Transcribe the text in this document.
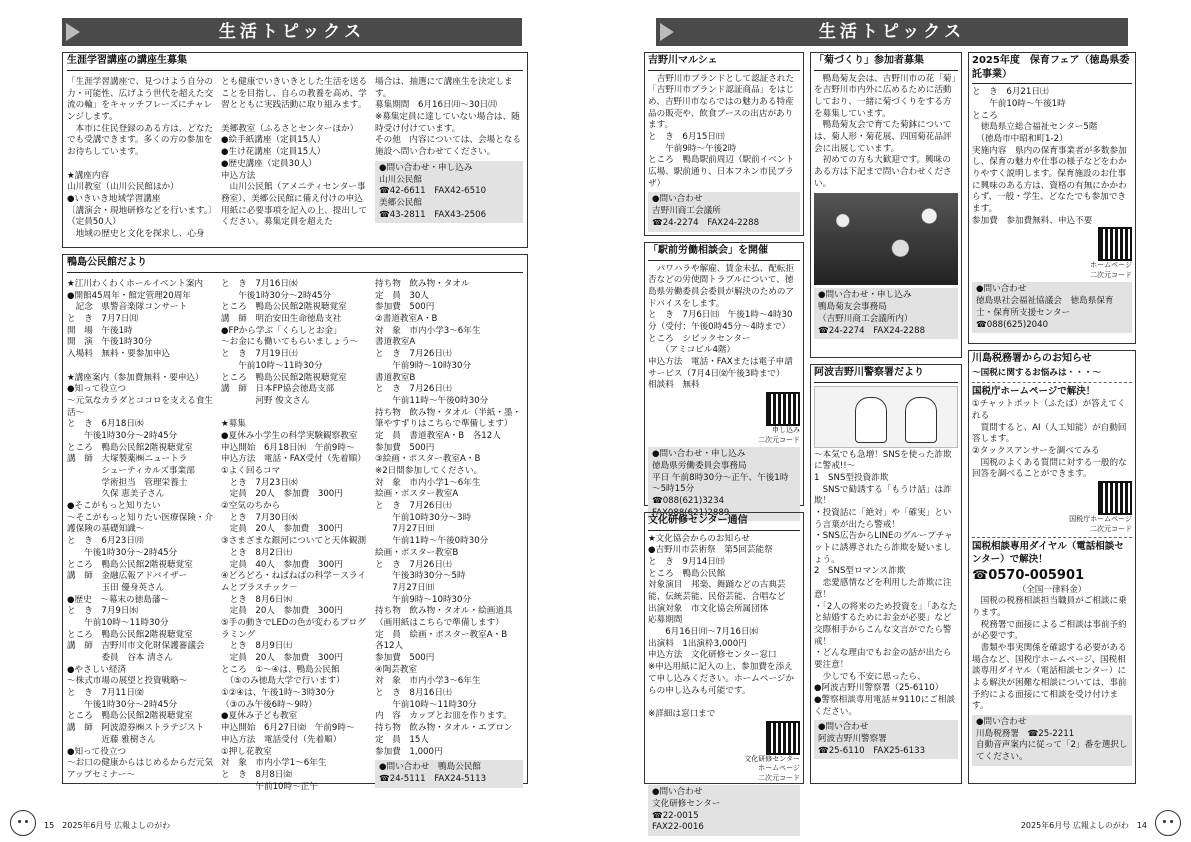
生活トピックス
生涯学習講座の講座生募集
「生涯学習講座で、見つけよう自分の力・可能性、広げよう世代を超えた交流の輪」をキャッチフレーズにチャレンジします。
　本市に住民登録のある方は、どなたでも受講できます。多くの方の参加をお待ちしています。

★講座内容
山川教室（山川公民館ほか）
●いきいき地域学習講座
〔講演会・現地研修などを行います。〕（定員50人）
　地域の歴史と文化を探求し、心身
とも健康でいきいきとした生活を送ることを目指し、自らの教養を高め、学習とともに実践活動に取り組みます。

美郷教室（ふるさとセンターほか）
●絵手紙講座（定員15人）
●生け花講座（定員15人）
●歴史講座（定員30人）
申込方法
　山川公民館（アメニティセンター事務室）、美郷公民館に備え付けの申込用紙に必要事項を記入の上、提出してください。募集定員を超えた
場合は、抽選にて講座生を決定します。
募集期間　6月16日㈪～30日㈪
※募集定員に達していない場合は、随時受け付けています。
その他　内容については、会場となる施設へ問い合わせてください。
●問い合わせ・申し込み
山川公民館
☎42-6611　FAX42-6510
美郷公民館
☎43-2811　FAX43-2506
鴨島公民館だより
★江川わくわくホールイベント案内
●開館45周年・館定管理20周年
　記念　県警音楽隊コンサート
と　き　7月7日㈪
開　場　午後1時
開　演　午後1時30分
入場料　無料・要参加申込

★講座案内（参加費無料・要申込）
●知って役立つ
～元気なカラダとココロを支える食生活～
と　き　6月18日㈬
　　午後1時30分～2時45分
ところ　鴨島公民館2階視聴覚室
講　師　大塚製薬㈱ニュートラ
　　　　シューティカルズ事業部
　　　　学術担当　管理栄養士
　　　　久保 恵美子さん
●そこがもっと知りたい
～そこがもっと知りたい医療保険・介護保険の基礎知識～
と　き　6月23日㈪
　　午後1時30分～2時45分
ところ　鴨島公民館2階視聴覚室
講　師　金融広報アドバイザー
　　　　玉田 優身英さん
●歴史　～幕末の徳島藩～
と　き　7月9日㈬
　　午前10時～11時30分
ところ　鴨島公民館2階視聴覚室
講　師　吉野川市文化財保護審議会
　　　　委員　谷本 清さん
●やさしい経済
～株式市場の展望と投資戦略～
と　き　7月11日㈮
　　午後1時30分～2時45分
ところ　鴨島公民館2階視聴覚室
講　師　阿波證券㈱ストラテジスト
　　　　近藤 雅樹さん
●知って役立つ
～お口の健康からはじめるからだ元気アップセミナー～
と　き　7月16日㈬
　　午後1時30分～2時45分
ところ　鴨島公民館2階視聴覚室
講　師　明治安田生命徳島支社
●FPから学ぶ「くらしとお金」
～お金にも働いてもらいましょう～
と　き　7月19日㈯
　　午前10時～11時30分
ところ　鴨島公民館2階視聴覚室
講　師　日本FP協会徳島支部
　　　　河野 俊文さん

★募集
●夏休み小学生の科学実験観察教室
申込開始　6月18日㈬　午前9時～
申込方法　電話・FAX受付（先着順）
①よく回るコマ
　とき　7月23日㈬
　定員　20人　参加費　300円
②空気のちから
　とき　7月30日㈬
　定員　20人　参加費　300円
③さまざまな銀河についてと天体観測
　とき　8月2日㈯
　定員　40人　参加費　300円
④どろどろ・ねばねばの科学－スライムとプラスチック－
　とき　8月6日㈬
　定員　20人　参加費　300円
⑤手の動きでLEDの色が変わるプログラミング
　とき　8月9日㈯
　定員　20人　参加費　300円
ところ　①～④は、鴨島公民館
　（⑤のみ徳島大学で行います）
①②④は、午後1時～3時30分
（③のみ午後6時～9時）
●夏休み子ども教室
申込開始　6月27日㈮　午前9時～
申込方法　電話受付（先着順）
①押し花教室
対　象　市内小学1～6年生
と　き　8月8日㈮
　　　　午前10時～正午
持ち物　飲み物・タオル
定　員　30人
参加費　500円
②書道教室A・B
対　象　市内小学3～6年生
書道教室A
と　き　7月26日㈯
　　午前9時～10時30分
書道教室B
と　き　7月26日㈯
　　午前11時～午後0時30分
持ち物　飲み物・タオル（半紙・墨・筆やすずりはこちらで準備します）
定　員　書道教室A・B　各12人
参加費　500円
③絵画・ポスター教室A・B
※2日間参加してください。
対　象　市内小学1～6年生
絵画・ポスター教室A
と　き　7月26日㈯
　　午前10時30分～3時
　　7月27日㈰
　　午前11時～午後0時30分
絵画・ポスター教室B
と　き　7月26日㈯
　　午後3時30分～5時
　　7月27日㈰
　　午前9時～10時30分
持ち物　飲み物・タオル・絵画道具（画用紙はこちらで準備します）
定　員　絵画・ポスター教室A・B　各12人
参加費　500円
④陶芸教室
対　象　市内小学3～6年生
と　き　8月16日㈯
　　午前10時～11時30分
内　容　カップとお皿を作ります。
持ち物　飲み物・タオル・エプロン
定　員　15人
参加費　1,000円
●問い合わせ　鴨島公民館
☎24-5111　FAX24-5113
15　2025年6月号 広報よしのがわ
生活トピックス
吉野川マルシェ
　吉野川市ブランドとして認証された「吉野川市ブランド認証商品」をはじめ、吉野川市ならではの魅力ある特産品の販売や、飲食ブースの出店があります。
と　き　6月15日㈰
　　午前9時～午後2時
ところ　鴨島駅前周辺（駅前イベント広場、駅前通り、日本フネン市民プラザ）
●問い合わせ
吉野川商工会議所
☎24-2274　FAX24-2288
「駅前労働相談会」を開催
　パワハラや解雇、賃金未払、配転拒否などの労使間トラブルについて、徳島県労働委員会委員が解決のためのアドバイスをします。
と　き　7月6日㈰　午後1時～4時30分（受付：午後0時45分～4時まで）
ところ　シビックセンター
　　（アミコビル4階）
申込方法　電話・FAXまたは電子申請サービス（7月4日㈮午後3時まで）
相談料　無料
申し込み
二次元コード
●問い合わせ・申し込み
徳島県労働委員会事務局
平日 午前8時30分～正午、午後1時～5時15分
☎088(621)3234
FAX088(621)2889
文化研修センター通信
★文化協会からのお知らせ
●吉野川市芸術祭　第5回芸能祭
と　き　9月14日㈰
ところ　鴨島公民館
対象演目　邦楽、舞踊などの古典芸能、伝統芸能、民俗芸能、合唱など
出演対象　市文化協会所属団体
応募期間
　　6月16日㈪～7月16日㈬
出演料　1出演枠3,000円
申込方法　文化研修センター窓口
※申込用紙に記入の上、参加費を添えて申し込みください。ホームページからの申し込みも可能です。

※詳細は窓口まで
文化研修センター
ホームページ
二次元コード
●問い合わせ
文化研修センター
☎22-0015
FAX22-0016
「菊づくり」参加者募集
　鴨島菊友会は、吉野川市の花「菊」を吉野川市内外に広めるために活動しており、一緒に菊づくりをする方を募集しています。
　鴨島菊友会で育てた菊鉢については、菊人形・菊花展、四国菊花品評会に出展しています。
　初めての方も大歓迎です。興味のある方は下記まで問い合わせください。
●問い合わせ・申し込み
鴨島菊友会事務局
（吉野川商工会議所内）
☎24-2274　FAX24-2288
阿波吉野川警察署だより
～本気でも急増！SNSを使った詐欺に警戒!!～
1　SNS型投資詐欺
　SNSで勧誘する「もうけ話」は詐欺！
・投資話に「絶対」や「確実」という言葉が出たら警戒！
・SNS広告からLINEのグループチャットに誘導されたら詐欺を疑いましょう。
2　SNS型ロマンス詐欺
　恋愛感情などを利用した詐欺に注意！
・「2人の将来のため投資を」「あなたと結婚するためにお金が必要」など交際相手からこんな文言がでたら警戒！
・どんな理由でもお金の話が出たら要注意！
　少しでも不安に思ったら、
●阿波吉野川警察署（25-6110）
●警察相談専用電話＃9110にご相談ください。
●問い合わせ
阿波吉野川警察署
☎25-6110　FAX25-6133
2025年度　保育フェア（徳島県委託事業）
と　き　6月21日㈯
　　午前10時～午後1時
ところ
　徳島県立総合福祉センター5階
　（徳島市中昭和町1-2）
実施内容　県内の保育事業者が多数参加し、保育の魅力や仕事の様子などをわかりやすく説明します。保育施設のお仕事に興味のある方は、資格の有無にかかわらず、一般・学生、どなたでも参加できます。
参加費　参加費無料、申込不要
ホームページ
二次元コード
●問い合わせ
徳島県社会福祉協議会　徳島県保育士・保育所支援センター
☎088(625)2040
川島税務署からのお知らせ
～国税に関するお悩みは・・・～
国税庁ホームページで解決！
①チャットボット（ふたば）が答えてくれる
　質問すると、AI（人工知能）が自動回答します。
②タックスアンサーを調べてみる
　国税のよくある質問に対する一般的な回答を調べることができます。
国税庁ホームページ
二次元コード
国税相談専用ダイヤル（電話相談センター）で解決！
☎0570-005901
（全国一律料金）
　国税の税務相談担当職員がご相談に乗ります。
　税務署で面接によるご相談は事前予約が必要です。
　書類や事実関係を確認する必要がある場合など、国税庁ホームページ、国税相談専用ダイヤル（電話相談センター）による解決が困難な相談については、事前予約による面接にて相談を受け付けます。
●問い合わせ
川島税務署　☎25-2211
自動音声案内に従って「2」番を選択してください。
2025年6月号 広報よしのがわ　14
